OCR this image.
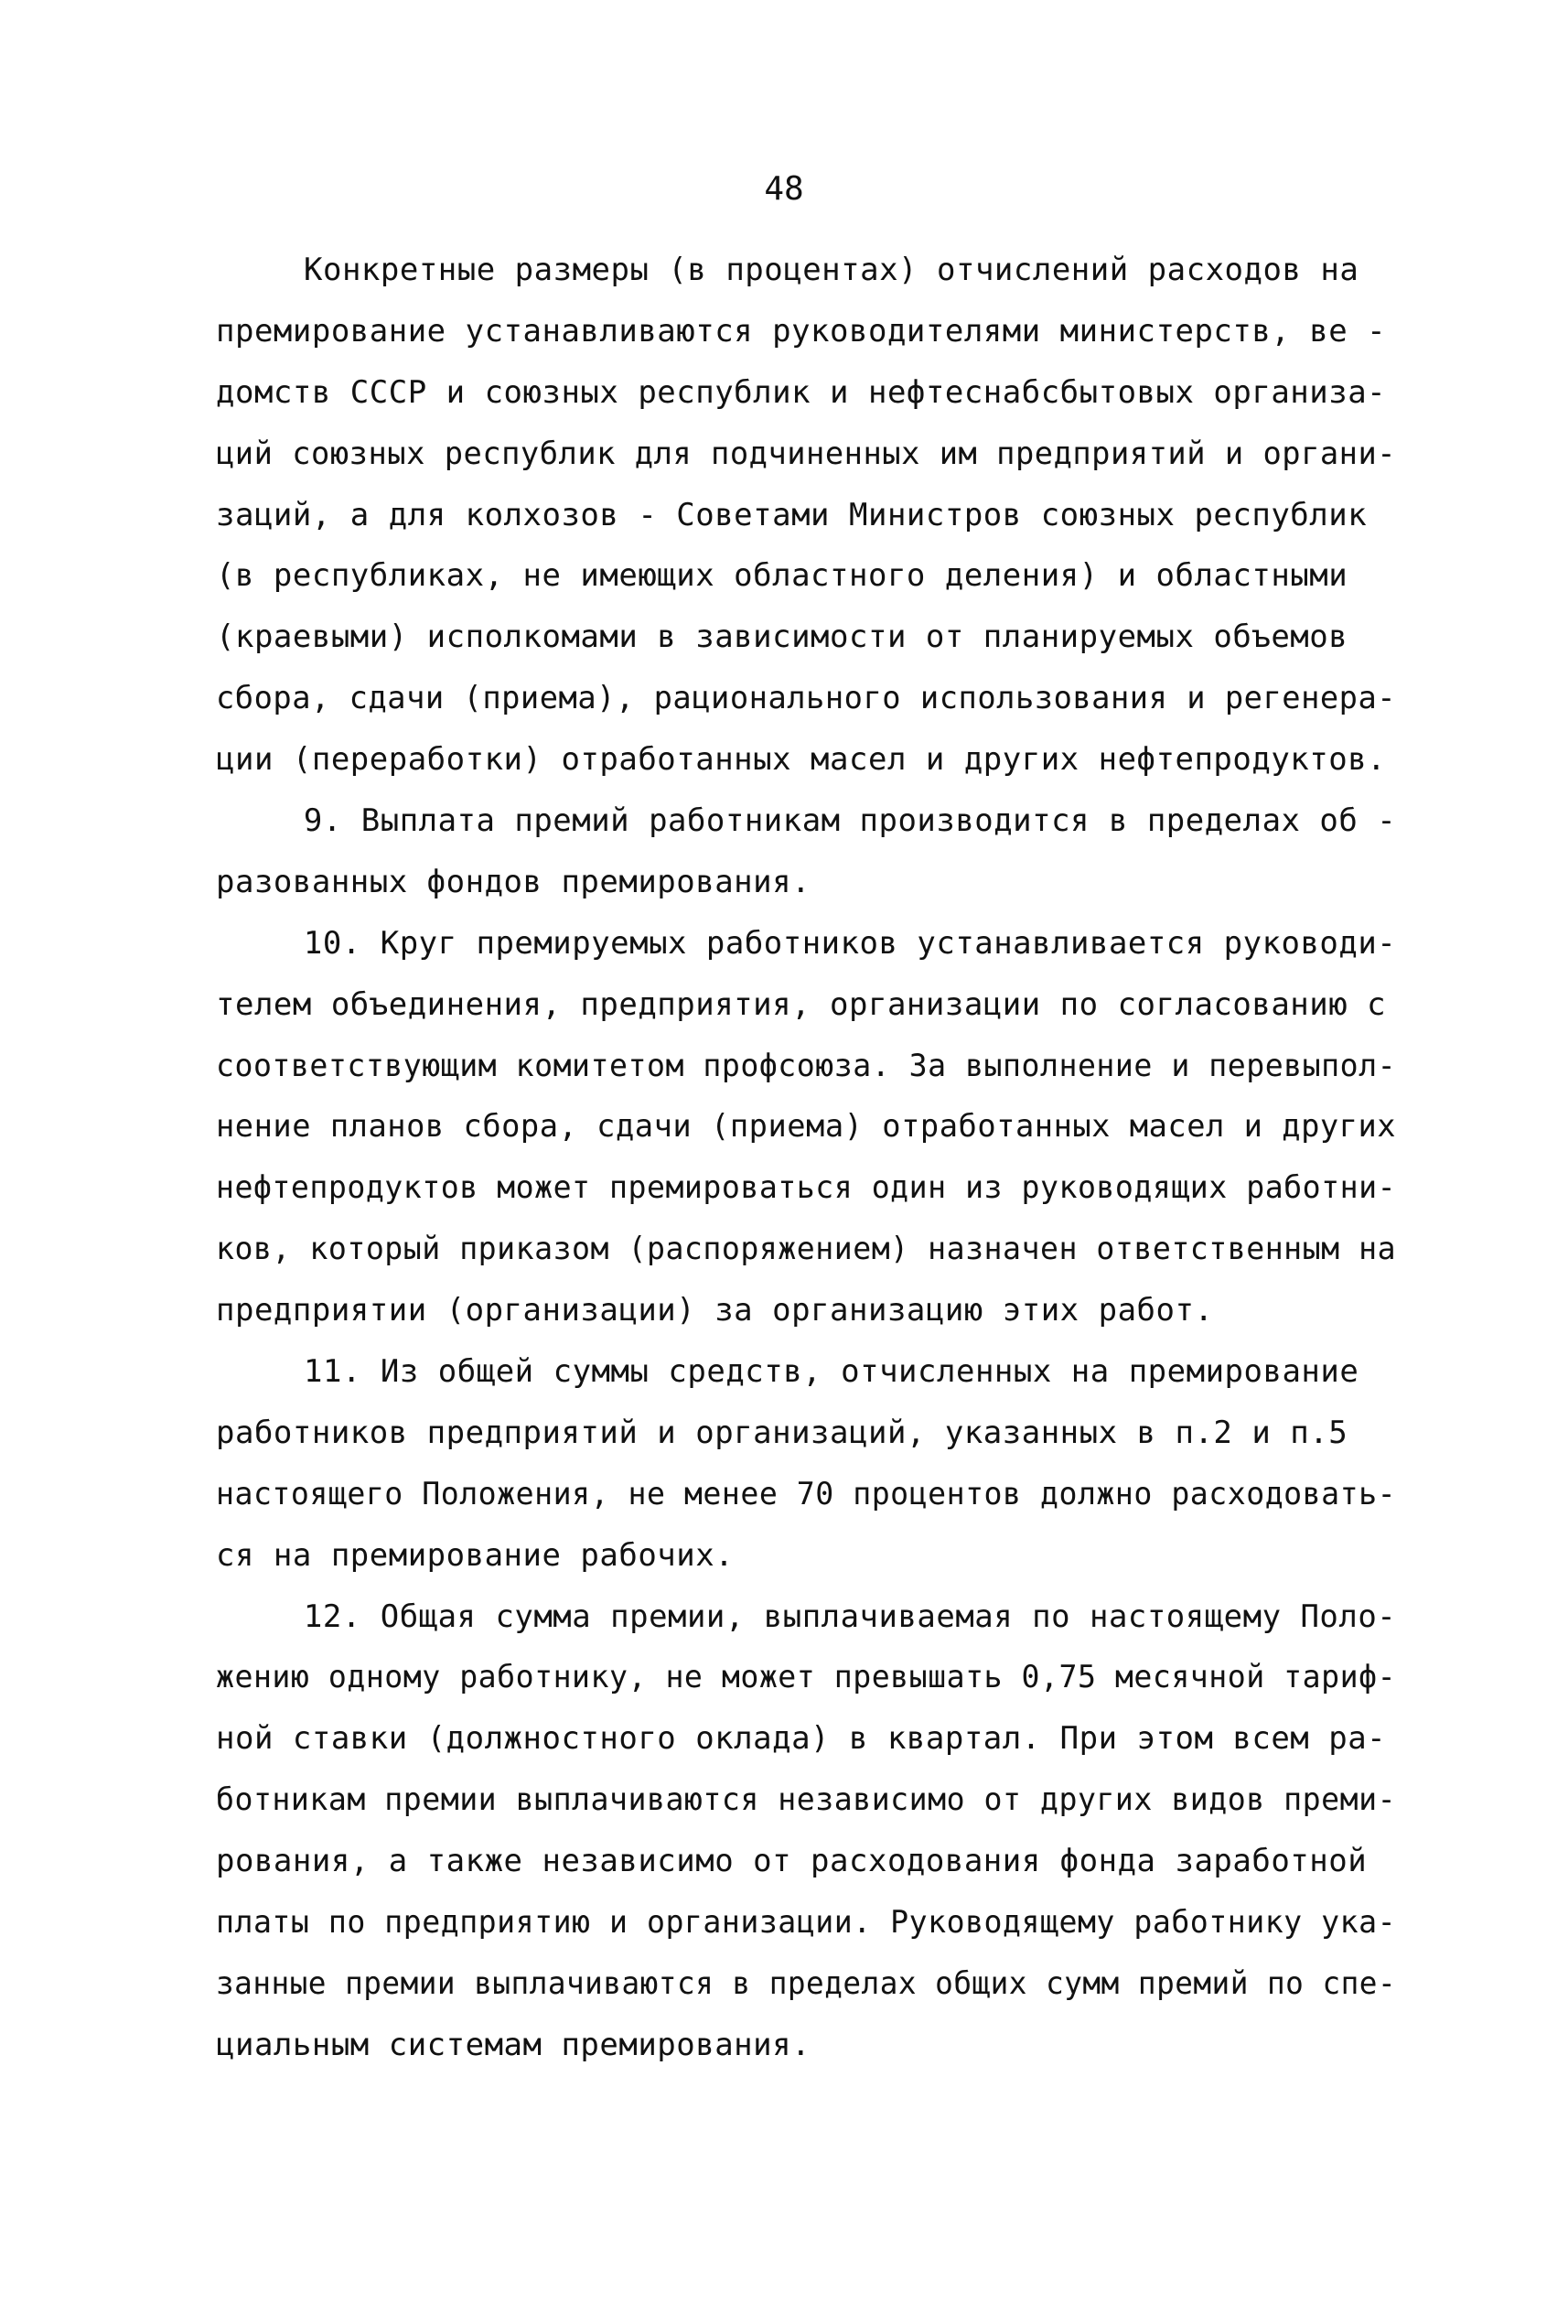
48

Конкретные размеры (в процентах) отчислений расходов на

премирование устанавливаются руководителями министерств, ве -

домств СССР и союзных республик и нефтеснабсбытовых организа-

ций союзных республик для подчиненных им предприятий и органи-

заций, а для колхозов - Советами Министров союзных республик

(в республиках, не имеющих областного деления) и областными

(краевыми) исполкомами в зависимости от планируемых объемов

сбора, сдачи (приема), рационального использования и регенера-

ции (переработки) отработанных масел и других нефтепродуктов.

9. Выплата премий работникам производится в пределах об -

разованных фондов премирования.

10. Круг премируемых работников устанавливается руководи-

телем объединения, предприятия, организации по согласованию с

соответствующим комитетом профсоюза. За выполнение и перевыпол-

нение планов сбора, сдачи (приема) отработанных масел и других

нефтепродуктов может премироваться один из руководящих работни-

ков, который приказом (распоряжением) назначен ответственным на

предприятии (организации) за организацию этих работ.

11. Из общей суммы средств, отчисленных на премирование

работников предприятий и организаций, указанных в п.2 и п.5

настоящего Положения, не менее 70 процентов должно расходовать-

ся на премирование рабочих.

12. Общая сумма премии, выплачиваемая по настоящему Поло-

жению одному работнику, не может превышать 0,75 месячной тариф-

ной ставки (должностного оклада) в квартал. При этом всем ра-

ботникам премии выплачиваются независимо от других видов преми-

рования, а также независимо от расходования фонда заработной

платы по предприятию и организации. Руководящему работнику ука-

занные премии выплачиваются в пределах общих сумм премий по спе-

циальным системам премирования.
